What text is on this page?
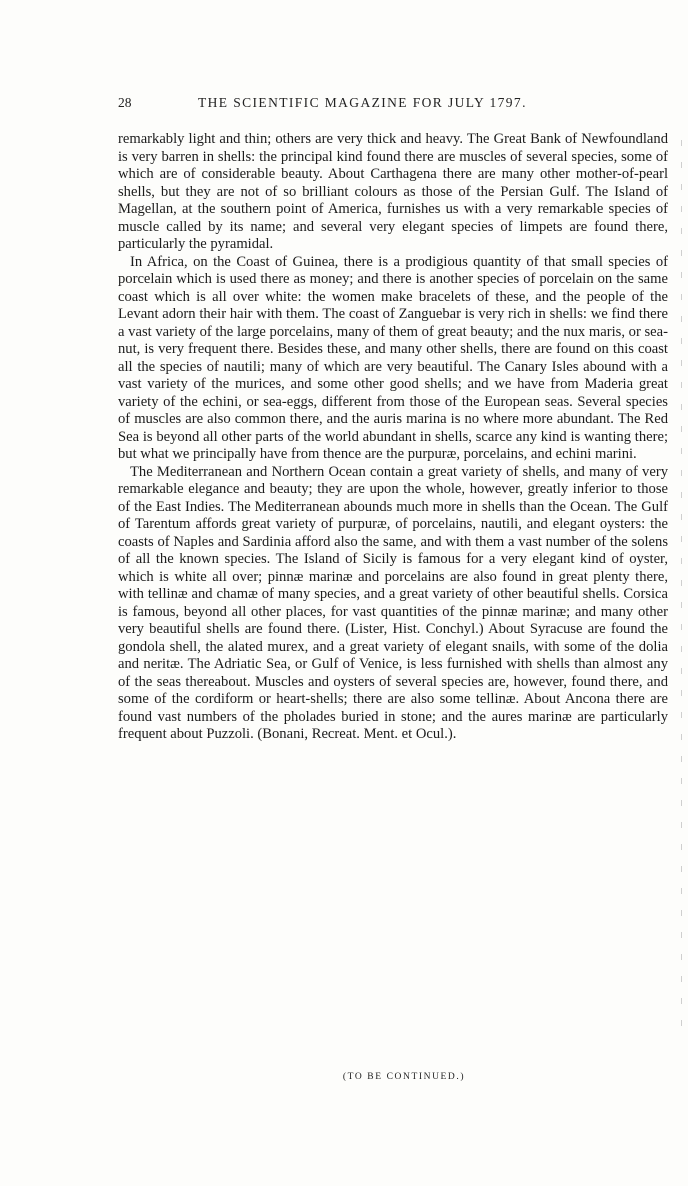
28	THE SCIENTIFIC MAGAZINE FOR JULY 1797.

remarkably light and thin; others are very thick and heavy. The Great Bank of Newfoundland is very barren in shells: the principal kind found there are muscles of several species, some of which are of considerable beauty. About Carthagena there are many other mother-of-pearl shells, but they are not of so brilliant colours as those of the Persian Gulf. The Island of Magellan, at the southern point of America, furnishes us with a very remarkable species of muscle called by its name; and several very elegant species of limpets are found there, particularly the pyramidal.

In Africa, on the Coast of Guinea, there is a prodigious quantity of that small species of porcelain which is used there as money; and there is another species of porcelain on the same coast which is all over white: the women make bracelets of these, and the people of the Levant adorn their hair with them. The coast of Zanguebar is very rich in shells: we find there a vast variety of the large porcelains, many of them of great beauty; and the nux maris, or sea-nut, is very frequent there. Besides these, and many other shells, there are found on this coast all the species of nautili; many of which are very beautiful. The Canary Isles abound with a vast variety of the murices, and some other good shells; and we have from Maderia great variety of the echini, or sea-eggs, different from those of the European seas. Several species of muscles are also common there, and the auris marina is no where more abundant. The Red Sea is beyond all other parts of the world abundant in shells, scarce any kind is wanting there; but what we principally have from thence are the purpuræ, porcelains, and echini marini.

The Mediterranean and Northern Ocean contain a great variety of shells, and many of very remarkable elegance and beauty; they are upon the whole, however, greatly inferior to those of the East Indies. The Mediterranean abounds much more in shells than the Ocean. The Gulf of Tarentum affords great variety of purpuræ, of porcelains, nautili, and elegant oysters: the coasts of Naples and Sardinia afford also the same, and with them a vast number of the solens of all the known species. The Island of Sicily is famous for a very elegant kind of oyster, which is white all over; pinnæ marinæ and porcelains are also found in great plenty there, with tellinæ and chamæ of many species, and a great variety of other beautiful shells. Corsica is famous, beyond all other places, for vast quantities of the pinnæ marinæ; and many other very beautiful shells are found there. (Lister, Hist. Conchyl.) About Syracuse are found the gondola shell, the alated murex, and a great variety of elegant snails, with some of the dolia and neritæ. The Adriatic Sea, or Gulf of Venice, is less furnished with shells than almost any of the seas thereabout. Muscles and oysters of several species are, however, found there, and some of the cordiform or heart-shells; there are also some tellinæ. About Ancona there are found vast numbers of the pholades buried in stone; and the aures marinæ are particularly frequent about Puzzoli. (Bonani, Recreat. Ment. et Ocul.).

(TO BE CONTINUED.)
